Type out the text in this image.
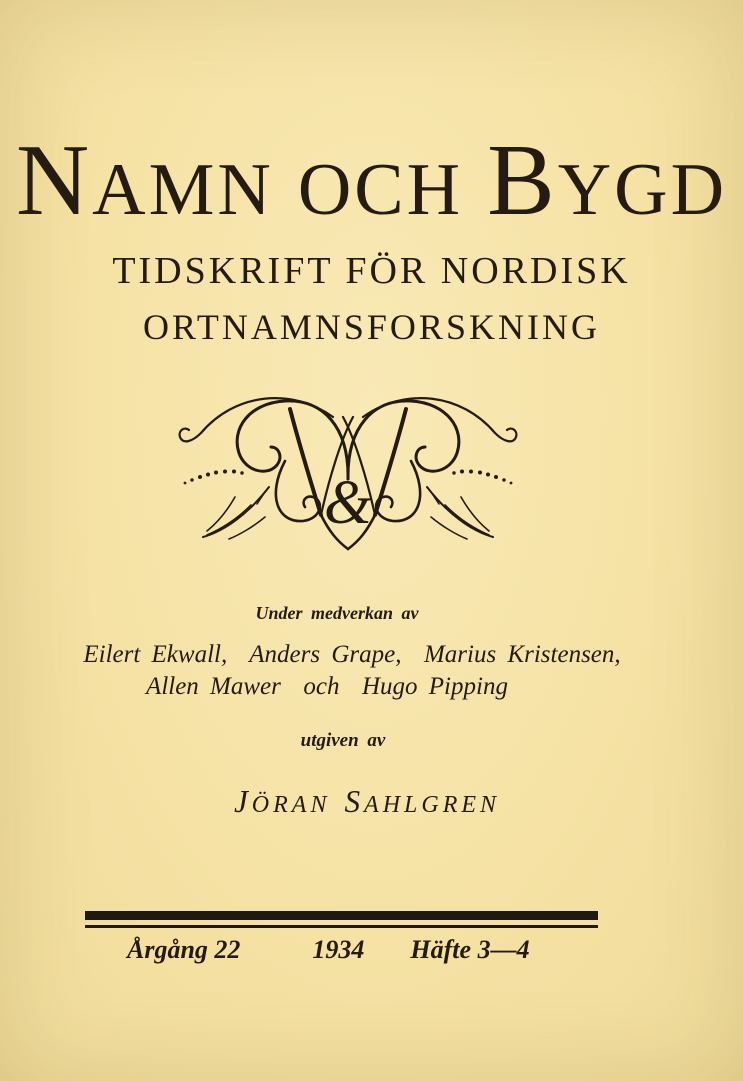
NAMN OCH BYGD
TIDSKRIFT FÖR NORDISK
ORTNAMNSFORSKNING
&
Under medverkan av
Eilert Ekwall,  Anders Grape,  Marius Kristensen,
Allen Mawer  och  Hugo Pipping
utgiven av

JÖRAN SAHLGREN

Årgång 22	1934 Häfte 3—4
